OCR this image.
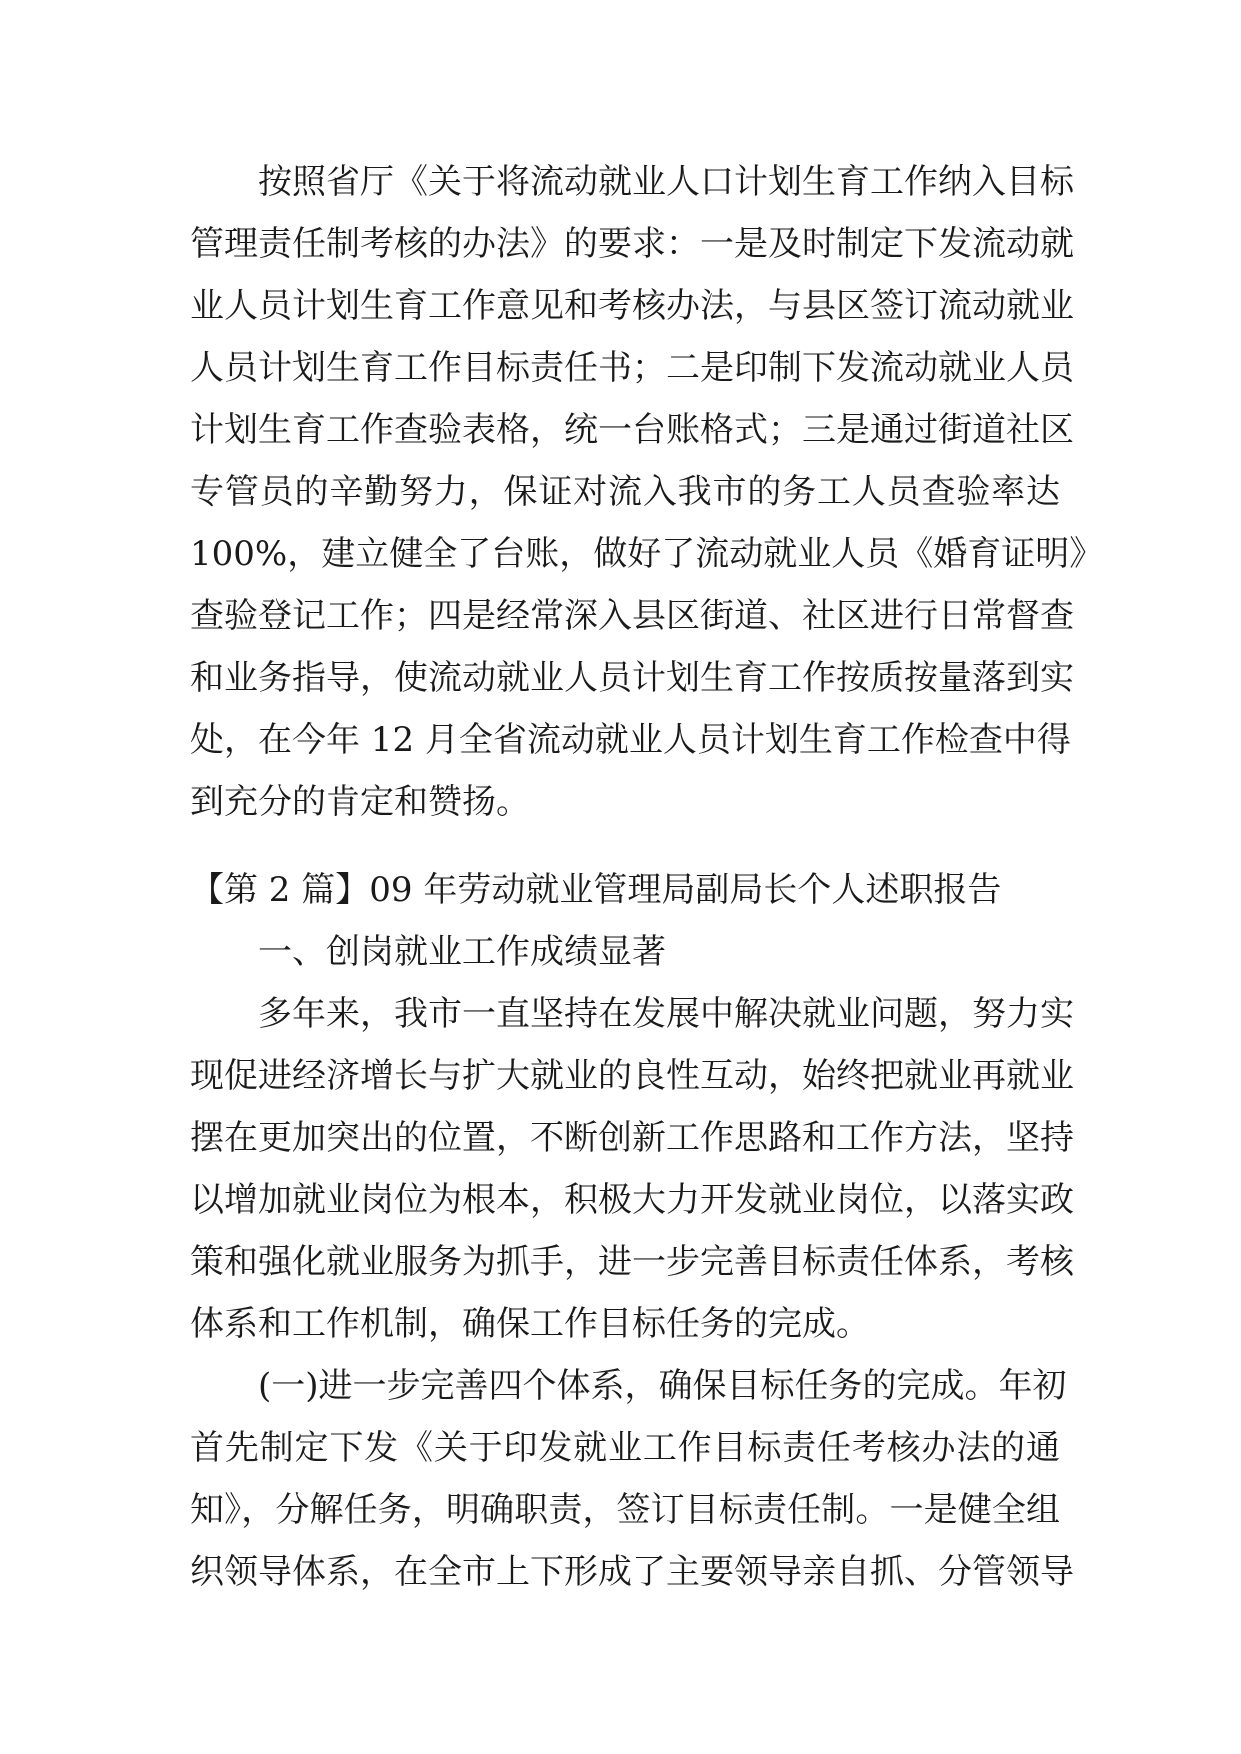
按照省厅《关于将流动就业人口计划生育工作纳入目标
管理责任制考核的办法》的要求：一是及时制定下发流动就
业人员计划生育工作意见和考核办法，与县区签订流动就业
人员计划生育工作目标责任书；二是印制下发流动就业人员
计划生育工作查验表格，统一台账格式；三是通过街道社区
专管员的辛勤努力，保证对流入我市的务工人员查验率达
100%，建立健全了台账，做好了流动就业人员《婚育证明》
查验登记工作；四是经常深入县区街道、社区进行日常督查
和业务指导，使流动就业人员计划生育工作按质按量落到实
处，在今年 12 月全省流动就业人员计划生育工作检查中得
到充分的肯定和赞扬。
【第 2 篇】09 年劳动就业管理局副局长个人述职报告
一、创岗就业工作成绩显著
多年来，我市一直坚持在发展中解决就业问题，努力实
现促进经济增长与扩大就业的良性互动，始终把就业再就业
摆在更加突出的位置，不断创新工作思路和工作方法，坚持
以增加就业岗位为根本，积极大力开发就业岗位，以落实政
策和强化就业服务为抓手，进一步完善目标责任体系，考核
体系和工作机制，确保工作目标任务的完成。
(一)进一步完善四个体系，确保目标任务的完成。年初
首先制定下发《关于印发就业工作目标责任考核办法的通
知》，分解任务，明确职责，签订目标责任制。一是健全组
织领导体系，在全市上下形成了主要领导亲自抓、分管领导
